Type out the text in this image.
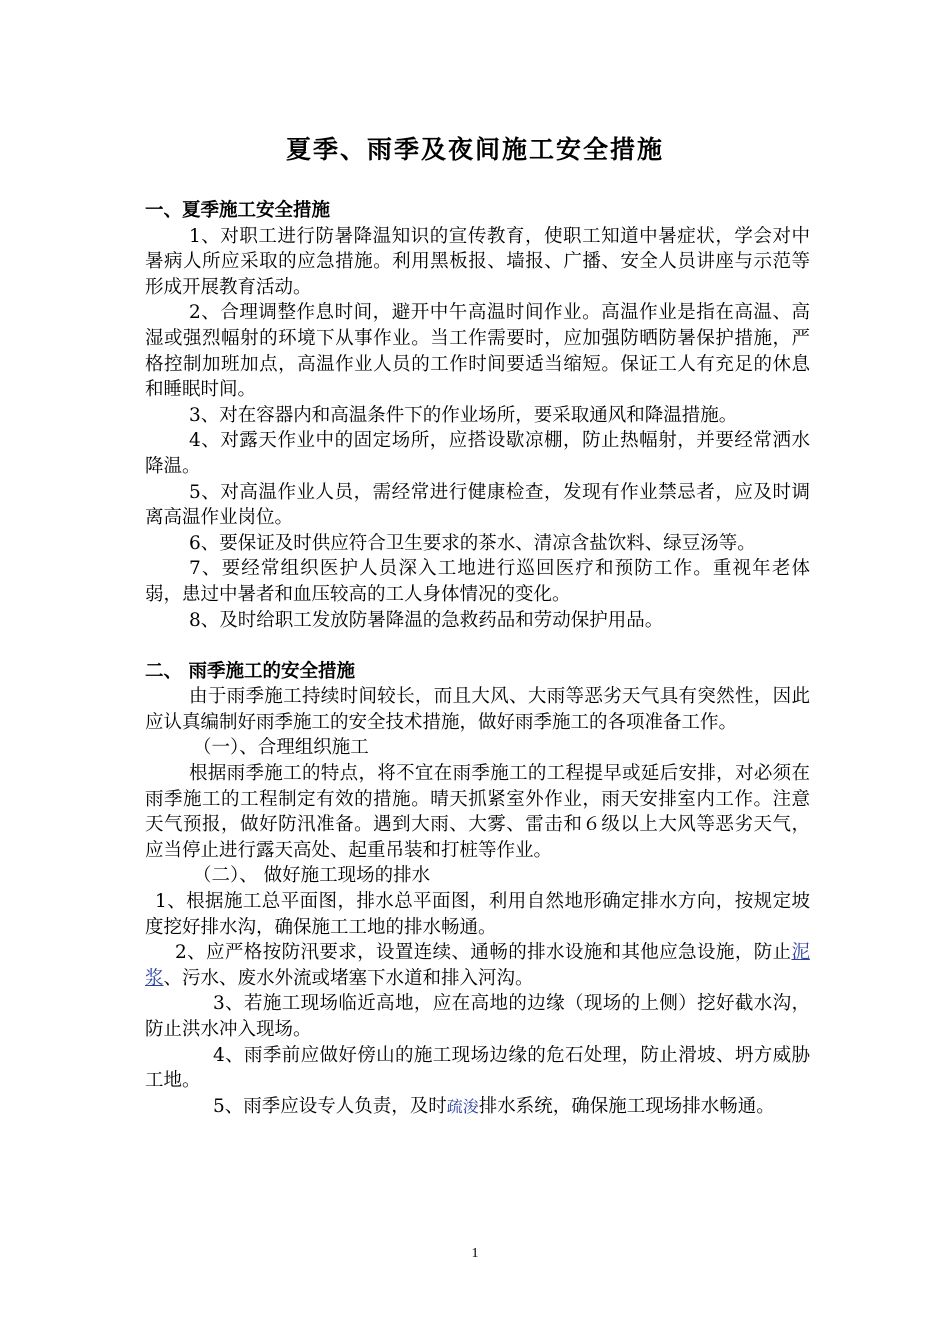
夏季、雨季及夜间施工安全措施

一、夏季施工安全措施

1、对职工进行防暑降温知识的宣传教育，使职工知道中暑症状，学会对中暑病人所应采取的应急措施。利用黑板报、墙报、广播、安全人员讲座与示范等形成开展教育活动。

2、合理调整作息时间，避开中午高温时间作业。高温作业是指在高温、高湿或强烈幅射的环境下从事作业。当工作需要时，应加强防晒防暑保护措施，严格控制加班加点，高温作业人员的工作时间要适当缩短。保证工人有充足的休息和睡眠时间。

3、对在容器内和高温条件下的作业场所，要采取通风和降温措施。

4、对露天作业中的固定场所，应搭设歇凉棚，防止热幅射，并要经常洒水降温。

5、对高温作业人员，需经常进行健康检查，发现有作业禁忌者，应及时调离高温作业岗位。

6、要保证及时供应符合卫生要求的茶水、清凉含盐饮料、绿豆汤等。

7、要经常组织医护人员深入工地进行巡回医疗和预防工作。重视年老体弱，患过中暑者和血压较高的工人身体情况的变化。

8、及时给职工发放防暑降温的急救药品和劳动保护用品。

二、 雨季施工的安全措施

由于雨季施工持续时间较长，而且大风、大雨等恶劣天气具有突然性，因此应认真编制好雨季施工的安全技术措施，做好雨季施工的各项准备工作。

（一）、合理组织施工

根据雨季施工的特点，将不宜在雨季施工的工程提早或延后安排，对必须在雨季施工的工程制定有效的措施。晴天抓紧室外作业，雨天安排室内工作。注意天气预报，做好防汛准备。遇到大雨、大雾、雷击和６级以上大风等恶劣天气，应当停止进行露天高处、起重吊装和打桩等作业。

（二）、 做好施工现场的排水

1、根据施工总平面图，排水总平面图，利用自然地形确定排水方向，按规定坡度挖好排水沟，确保施工工地的排水畅通。

2、应严格按防汛要求，设置连续、通畅的排水设施和其他应急设施，防止泥浆、污水、废水外流或堵塞下水道和排入河沟。

3、若施工现场临近高地，应在高地的边缘（现场的上侧）挖好截水沟，防止洪水冲入现场。

4、雨季前应做好傍山的施工现场边缘的危石处理，防止滑坡、坍方威胁工地。

5、雨季应设专人负责，及时疏浚排水系统，确保施工现场排水畅通。

1
